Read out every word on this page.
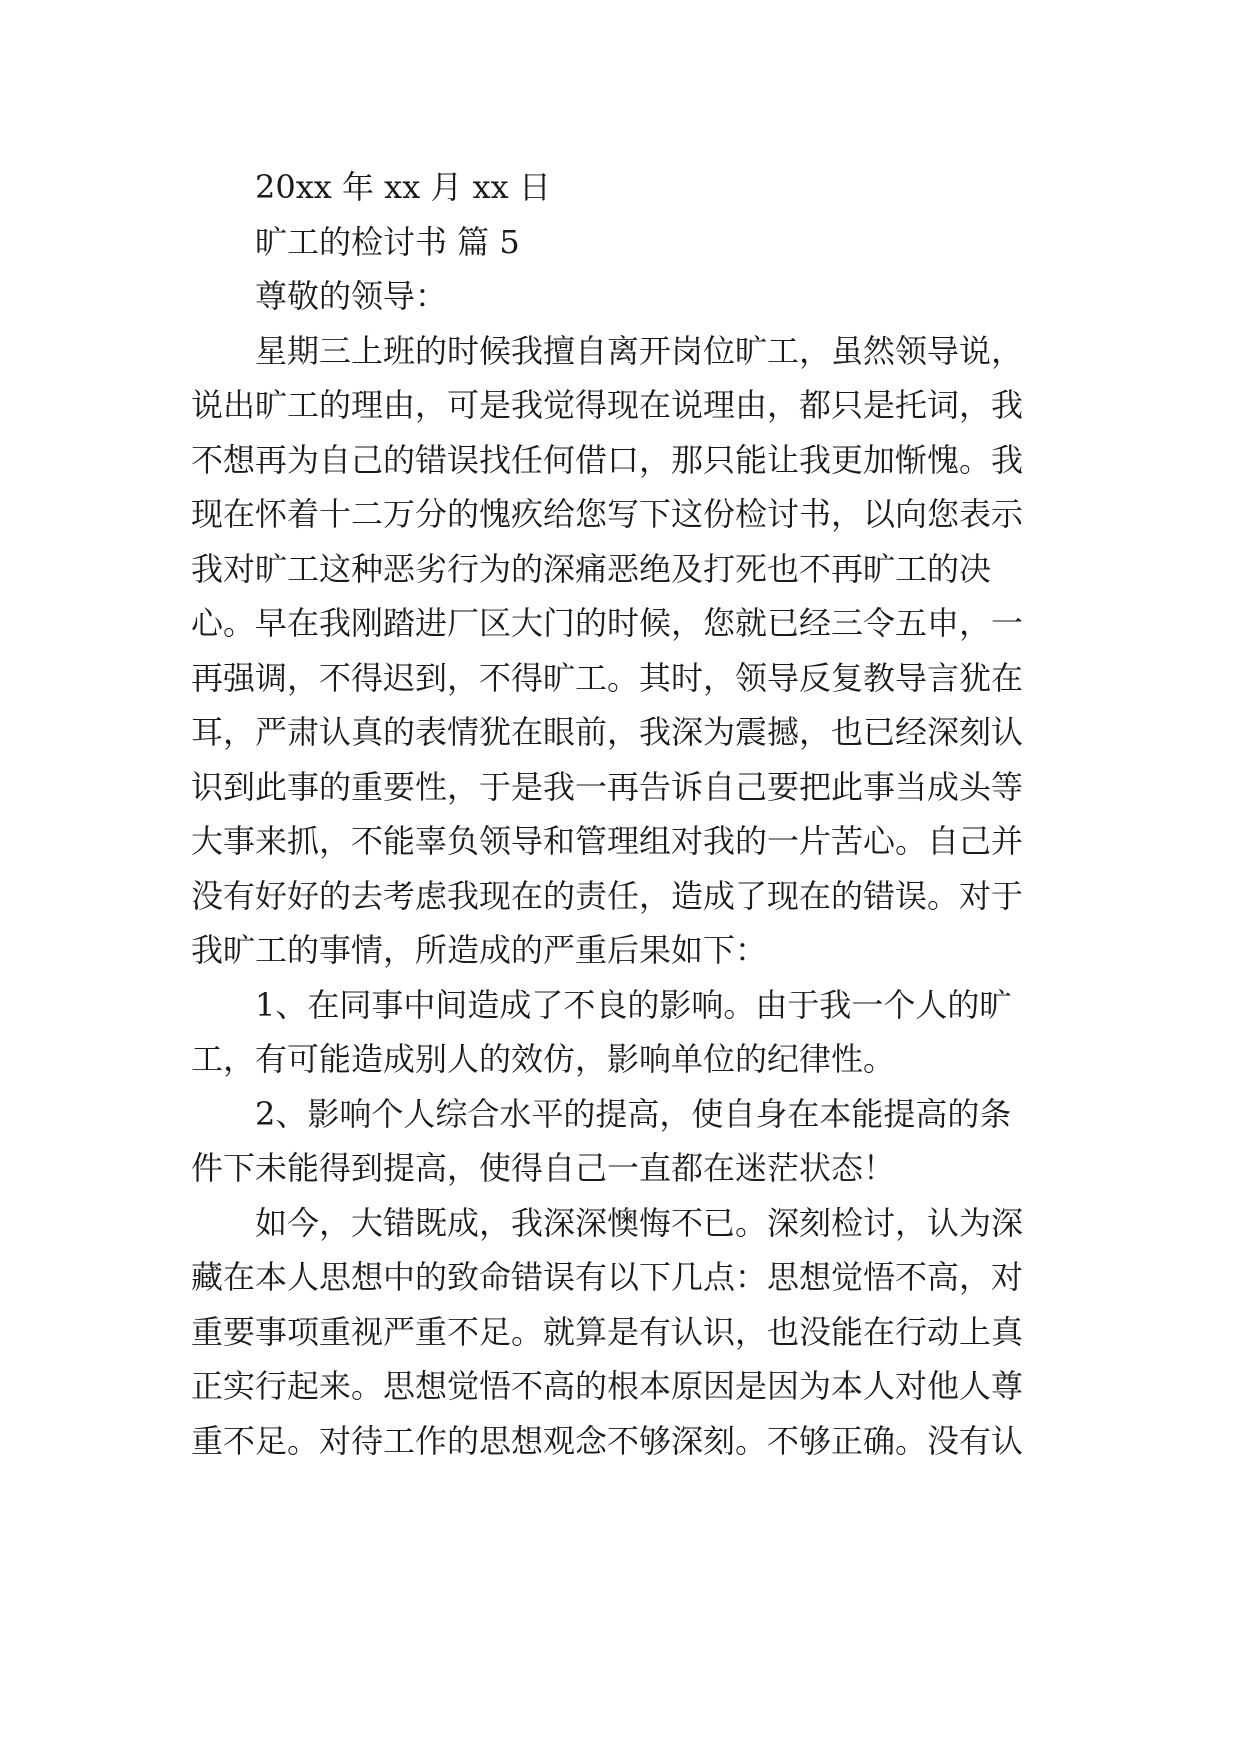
20xx 年 xx 月 xx 日
旷工的检讨书 篇 5
尊敬的领导：
星期三上班的时候我擅自离开岗位旷工，虽然领导说，
说出旷工的理由，可是我觉得现在说理由，都只是托词，我
不想再为自己的错误找任何借口，那只能让我更加惭愧。我
现在怀着十二万分的愧疚给您写下这份检讨书，以向您表示
我对旷工这种恶劣行为的深痛恶绝及打死也不再旷工的决
心。早在我刚踏进厂区大门的时候，您就已经三令五申，一
再强调，不得迟到，不得旷工。其时，领导反复教导言犹在
耳，严肃认真的表情犹在眼前，我深为震撼，也已经深刻认
识到此事的重要性，于是我一再告诉自己要把此事当成头等
大事来抓，不能辜负领导和管理组对我的一片苦心。自己并
没有好好的去考虑我现在的责任，造成了现在的错误。对于
我旷工的事情，所造成的严重后果如下：
1、在同事中间造成了不良的影响。由于我一个人的旷
工，有可能造成别人的效仿，影响单位的纪律性。
2、影响个人综合水平的提高，使自身在本能提高的条
件下未能得到提高，使得自己一直都在迷茫状态！
如今，大错既成，我深深懊悔不已。深刻检讨，认为深
藏在本人思想中的致命错误有以下几点：思想觉悟不高，对
重要事项重视严重不足。就算是有认识，也没能在行动上真
正实行起来。思想觉悟不高的根本原因是因为本人对他人尊
重不足。对待工作的思想观念不够深刻。不够正确。没有认
